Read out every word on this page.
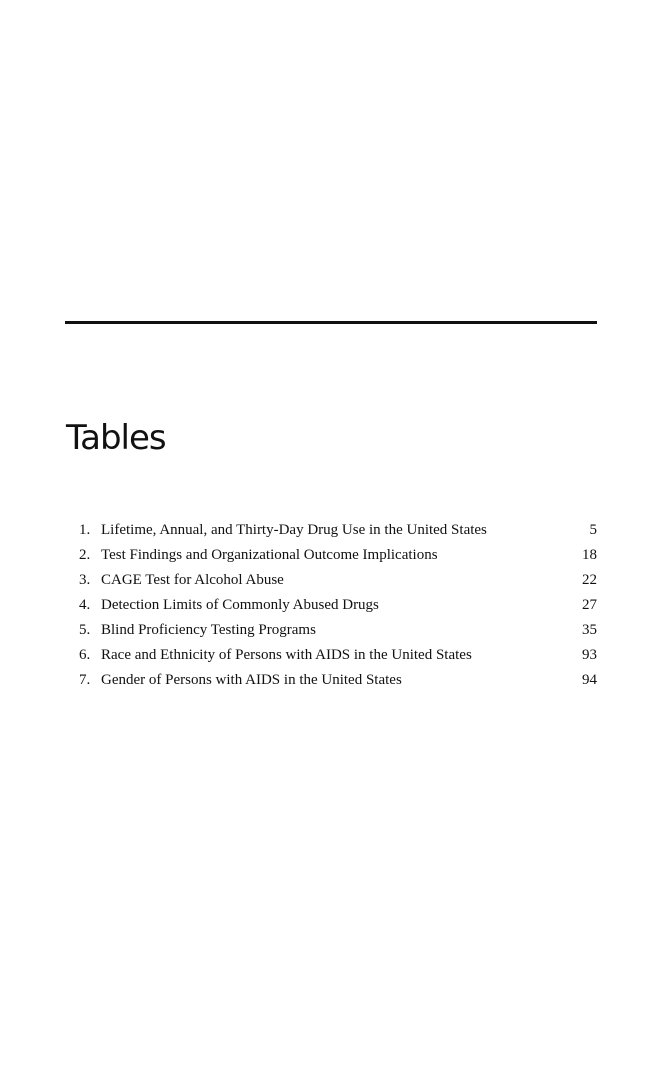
Tables
1. Lifetime, Annual, and Thirty-Day Drug Use in the United States	5
2. Test Findings and Organizational Outcome Implications	18
3. CAGE Test for Alcohol Abuse	22
4. Detection Limits of Commonly Abused Drugs	27
5. Blind Proficiency Testing Programs	35
6. Race and Ethnicity of Persons with AIDS in the United States	93
7. Gender of Persons with AIDS in the United States	94
